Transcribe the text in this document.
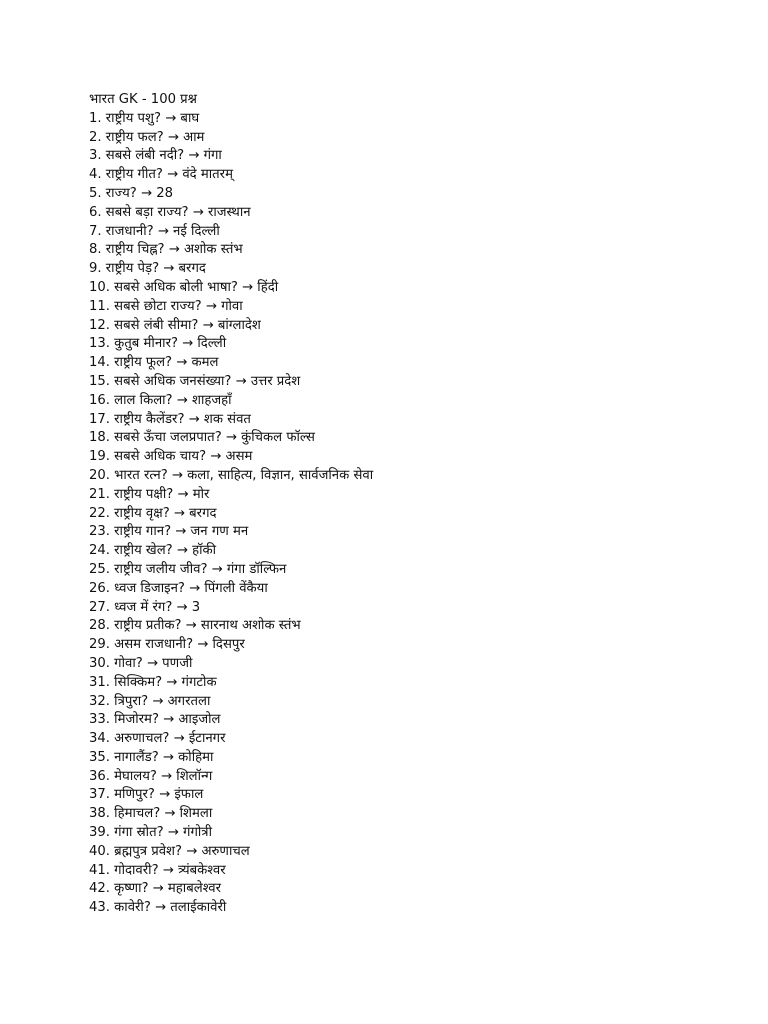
भारत GK - 100 प्रश्न
1. राष्ट्रीय पशु? → बाघ
2. राष्ट्रीय फल? → आम
3. सबसे लंबी नदी? → गंगा
4. राष्ट्रीय गीत? → वंदे मातरम्
5. राज्य? → 28
6. सबसे बड़ा राज्य? → राजस्थान
7. राजधानी? → नई दिल्ली
8. राष्ट्रीय चिह्न? → अशोक स्तंभ
9. राष्ट्रीय पेड़? → बरगद
10. सबसे अधिक बोली भाषा? → हिंदी
11. सबसे छोटा राज्य? → गोवा
12. सबसे लंबी सीमा? → बांग्लादेश
13. कुतुब मीनार? → दिल्ली
14. राष्ट्रीय फूल? → कमल
15. सबसे अधिक जनसंख्या? → उत्तर प्रदेश
16. लाल किला? → शाहजहाँ
17. राष्ट्रीय कैलेंडर? → शक संवत
18. सबसे ऊँचा जलप्रपात? → कुंचिकल फॉल्स
19. सबसे अधिक चाय? → असम
20. भारत रत्न? → कला, साहित्य, विज्ञान, सार्वजनिक सेवा
21. राष्ट्रीय पक्षी? → मोर
22. राष्ट्रीय वृक्ष? → बरगद
23. राष्ट्रीय गान? → जन गण मन
24. राष्ट्रीय खेल? → हॉकी
25. राष्ट्रीय जलीय जीव? → गंगा डॉल्फिन
26. ध्वज डिजाइन? → पिंगली वेंकैया
27. ध्वज में रंग? → 3
28. राष्ट्रीय प्रतीक? → सारनाथ अशोक स्तंभ
29. असम राजधानी? → दिसपुर
30. गोवा? → पणजी
31. सिक्किम? → गंगटोक
32. त्रिपुरा? → अगरतला
33. मिजोरम? → आइजोल
34. अरुणाचल? → ईटानगर
35. नागालैंड? → कोहिमा
36. मेघालय? → शिलॉन्ग
37. मणिपुर? → इंफाल
38. हिमाचल? → शिमला
39. गंगा स्रोत? → गंगोत्री
40. ब्रह्मपुत्र प्रवेश? → अरुणाचल
41. गोदावरी? → त्र्यंबकेश्वर
42. कृष्णा? → महाबलेश्वर
43. कावेरी? → तलाईकावेरी
